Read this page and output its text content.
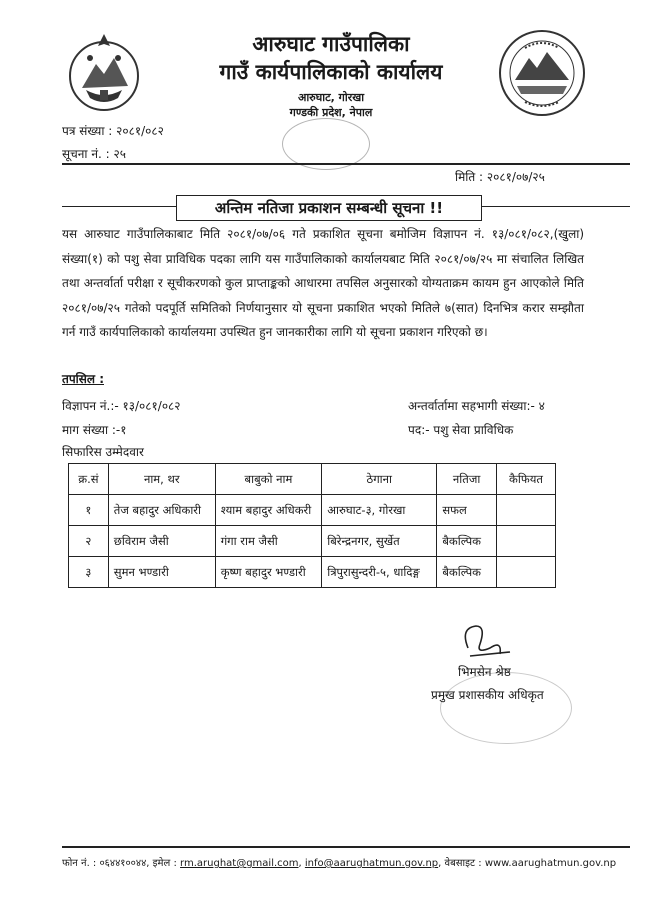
आरुघाट गाउँपालिका
गाउँ कार्यपालिकाको कार्यालय
आरुघाट, गोरखा
गण्डकी प्रदेश, नेपाल
पत्र संख्या : २०८१/०८२
सूचना नं. : २५
मिति : २०८१/०७/२५
अन्तिम नतिजा प्रकाशन सम्बन्धी सूचना !!
यस आरुघाट गाउँपालिकाबाट मिति २०८१/०७/०६ गते प्रकाशित सूचना बमोजिम विज्ञापन नं. १३/०८१/०८२,(खुला) संख्या(१) को पशु सेवा प्राविधिक पदका लागि यस गाउँपालिकाको कार्यालयबाट मिति २०८१/०७/२५ मा संचालित लिखित तथा अन्तर्वार्ता परीक्षा र सूचीकरणको कुल प्राप्ताङ्कको आधारमा तपसिल अनुसारको योग्यताक्रम कायम हुन आएकोले मिति २०८१/०७/२५ गतेको पदपूर्ति समितिको निर्णयानुसार यो सूचना प्रकाशित भएको मितिले ७(सात) दिनभित्र करार सम्झौता गर्न गाउँ कार्यपालिकाको कार्यालयमा उपस्थित हुन जानकारीका लागि यो सूचना प्रकाशन गरिएको छ।
तपसिल :
विज्ञापन नं.:- १३/०८१/०८२	अन्तर्वार्तामा सहभागी संख्या:- ४
माग संख्या :-१	पद:- पशु सेवा प्राविधिक
सिफारिस उम्मेदवार
क्र.सं	नाम, थर	बाबुको नाम	ठेगाना	नतिजा	कैफियत
१	तेज बहादुर अधिकारी	श्याम बहादुर अधिकरी	आरुघाट-३, गोरखा	सफल	
२	छविराम जैसी	गंगा राम जैसी	बिरेन्द्रनगर, सुर्खेत	बैकल्पिक	
३	सुमन भण्डारी	कृष्ण बहादुर भण्डारी	त्रिपुरासुन्दरी-५, धादिङ्ग	बैकल्पिक	
भिमसेन श्रेष्ठ
प्रमुख प्रशासकीय अधिकृत
फोन नं. : ०६४४१००४४, इमेल : rm.arughat@gmail.com, info@aarughatmun.gov.np, वेबसाइट : www.aarughatmun.gov.np
